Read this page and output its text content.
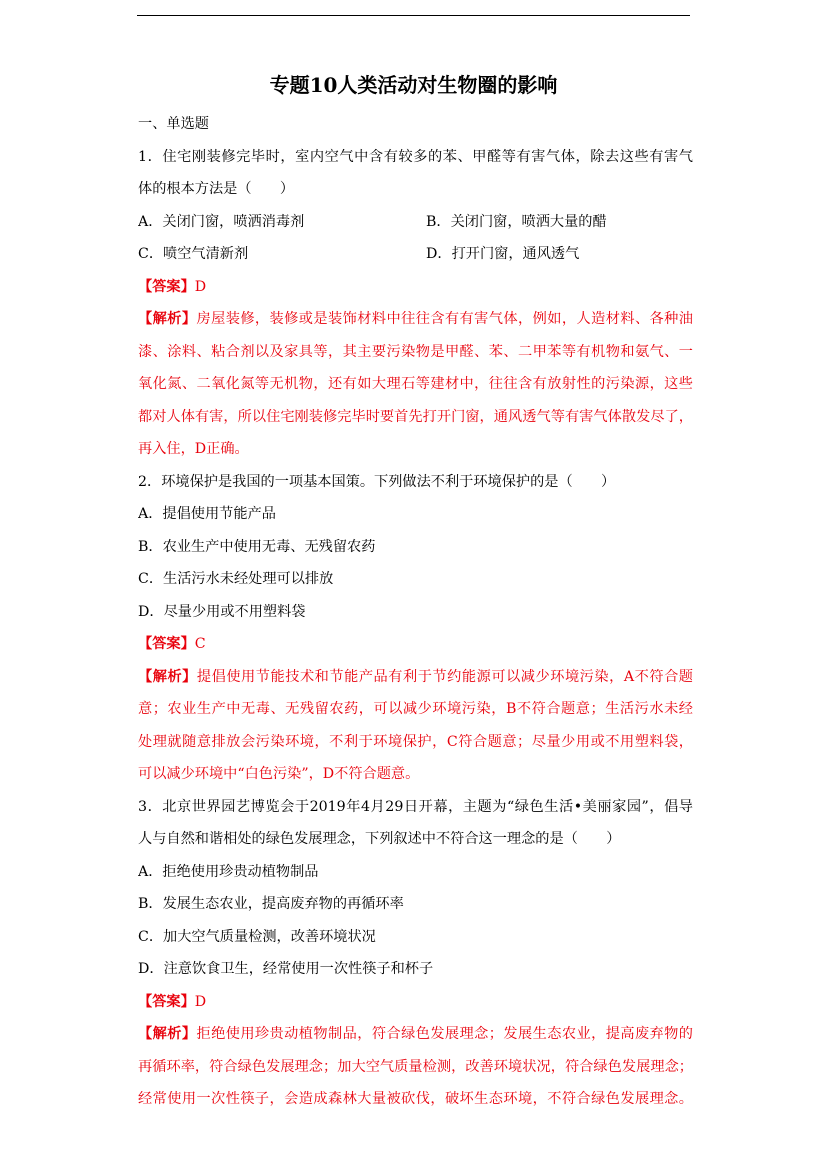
专题10人类活动对生物圈的影响
一、单选题
1．住宅刚装修完毕时，室内空气中含有较多的苯、甲醛等有害气体，除去这些有害气
体的根本方法是（　　）
A．关闭门窗，喷洒消毒剂	B．关闭门窗，喷洒大量的醋
C．喷空气清新剂	D．打开门窗，通风透气
【答案】D
【解析】房屋装修，装修或是装饰材料中往往含有有害气体，例如，人造材料、各种油
漆、涂料、粘合剂以及家具等，其主要污染物是甲醛、苯、二甲苯等有机物和氨气、一
氧化氮、二氧化氮等无机物，还有如大理石等建材中，往往含有放射性的污染源，这些
都对人体有害，所以住宅刚装修完毕时要首先打开门窗，通风透气等有害气体散发尽了，
再入住，D正确。
2．环境保护是我国的一项基本国策。下列做法不利于环境保护的是（　　）
A．提倡使用节能产品
B．农业生产中使用无毒、无残留农药
C．生活污水未经处理可以排放
D．尽量少用或不用塑料袋
【答案】C
【解析】提倡使用节能技术和节能产品有利于节约能源可以减少环境污染，A不符合题
意；农业生产中无毒、无残留农药，可以减少环境污染，B不符合题意；生活污水未经
处理就随意排放会污染环境，不利于环境保护，C符合题意；尽量少用或不用塑料袋，
可以减少环境中“白色污染”，D不符合题意。
3．北京世界园艺博览会于2019年4月29日开幕，主题为“绿色生活•美丽家园”，倡导
人与自然和谐相处的绿色发展理念，下列叙述中不符合这一理念的是（　　）
A．拒绝使用珍贵动植物制品
B．发展生态农业，提高废弃物的再循环率
C．加大空气质量检测，改善环境状况
D．注意饮食卫生，经常使用一次性筷子和杯子
【答案】D
【解析】拒绝使用珍贵动植物制品，符合绿色发展理念；发展生态农业，提高废弃物的
再循环率，符合绿色发展理念；加大空气质量检测，改善环境状况，符合绿色发展理念；
经常使用一次性筷子，会造成森林大量被砍伐，破坏生态环境，不符合绿色发展理念。
